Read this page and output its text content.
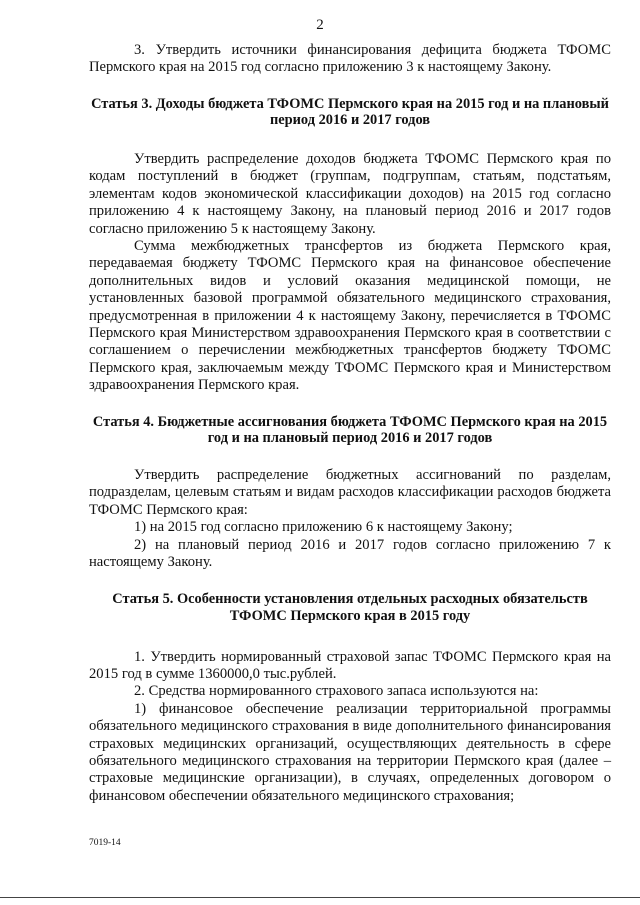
2

3. Утвердить источники финансирования дефицита бюджета ТФОМС Пермского края на 2015 год согласно приложению 3 к настоящему Закону.

Статья 3. Доходы бюджета ТФОМС Пермского края на 2015 год и на плановый период 2016 и 2017 годов

Утвердить распределение доходов бюджета ТФОМС Пермского края по кодам поступлений в бюджет (группам, подгруппам, статьям, подстатьям, элементам кодов экономической классификации доходов) на 2015 год согласно приложению 4 к настоящему Закону, на плановый период 2016 и 2017 годов согласно приложению 5 к настоящему Закону.

Сумма межбюджетных трансфертов из бюджета Пермского края, передаваемая бюджету ТФОМС Пермского края на финансовое обеспечение дополнительных видов и условий оказания медицинской помощи, не установленных базовой программой обязательного медицинского страхования, предусмотренная в приложении 4 к настоящему Закону, перечисляется в ТФОМС Пермского края Министерством здравоохранения Пермского края в соответствии с соглашением о перечислении межбюджетных трансфертов бюджету ТФОМС Пермского края, заключаемым между ТФОМС Пермского края и Министерством здравоохранения Пермского края.

Статья 4. Бюджетные ассигнования бюджета ТФОМС Пермского края на 2015 год и на плановый период 2016 и 2017 годов

Утвердить распределение бюджетных ассигнований по разделам, подразделам, целевым статьям и видам расходов классификации расходов бюджета ТФОМС Пермского края:

1) на 2015 год согласно приложению 6 к настоящему Закону;

2) на плановый период 2016 и 2017 годов согласно приложению 7 к настоящему Закону.

Статья 5. Особенности установления отдельных расходных обязательств ТФОМС Пермского края в 2015 году

1. Утвердить нормированный страховой запас ТФОМС Пермского края на 2015 год в сумме 1360000,0 тыс.рублей.

2. Средства нормированного страхового запаса используются на:

1) финансовое обеспечение реализации территориальной программы обязательного медицинского страхования в виде дополнительного финансирования страховых медицинских организаций, осуществляющих деятельность в сфере обязательного медицинского страхования на территории Пермского края (далее – страховые медицинские организации), в случаях, определенных договором о финансовом обеспечении обязательного медицинского страхования;

7019-14
